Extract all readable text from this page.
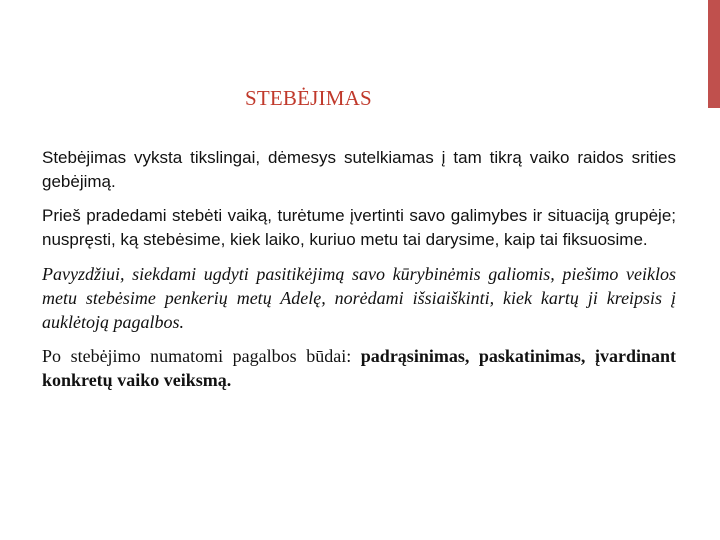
STEBĖJIMAS

Stebėjimas vyksta tikslingai, dėmesys sutelkiamas į tam tikrą vaiko raidos srities gebėjimą.

Prieš pradedami stebėti vaiką, turėtume įvertinti savo galimybes ir situaciją grupėje; nuspręsti, ką stebėsime, kiek laiko, kuriuo metu tai darysime, kaip tai fiksuosime.

Pavyzdžiui, siekdami ugdyti pasitikėjimą savo kūrybinėmis galiomis, piešimo veiklos metu stebėsime penkerių metų Adelę, norėdami išsiaiškinti, kiek kartų ji kreipsis į auklėtoją pagalbos.

Po stebėjimo numatomi pagalbos būdai: padrąsinimas, paskatinimas, įvardinant konkretų vaiko veiksmą.
